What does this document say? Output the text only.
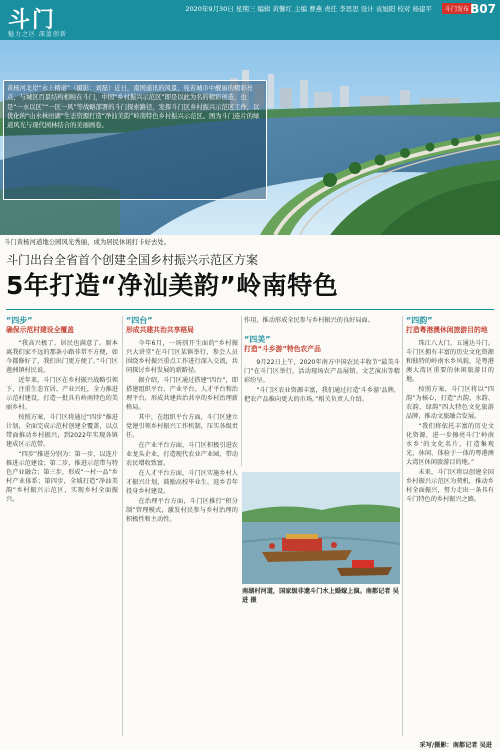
斗门
魅力之区 深蓝创新
2020年9月30日 星期三 编辑 黄馨红 主编 曹燕 责任 李思思 设计 袁旭阳 校对 杨建平	斗门发布 B07
黄杨河北岸“水上精道”（摄影：刘磊）近日，南国通讯的风景，宛若城市中靓丽的精彩亮点，与城区百景结构相映在斗门，中国“乡村振兴示范区”即是以此为名的精彩创造，也是“一水以区”“一区一风”等战略部署的斗门探索路径，发挥斗门区乡村振兴示范区工作，以优化的“山水林田湖”生态资源打造“净汕美韵”岭南特色乡村振兴示范区。图为斗门连片的绿道风光与现代园林结合的美丽画卷。
斗门黄杨河道地公园风光秀丽，成为居民休闲打卡好去处。
斗门出台全省首个创建全国乡村振兴示范区方案
5年打造“净汕美韵”岭南特色
“四步”
确保示范村建设全覆盖

“我高兴极了，居民也满意了。原本离我们家不远的那条小路非常不方便，如今都修好了，我们出门更方便了。”斗门区莲洲镇村民说。

近年来，斗门区在乡村振兴战略引领下，注重生态宜居、产业兴旺，全力推进示范村建设，打造一批具有岭南特色的美丽乡村。

按照方案，斗门区将通过“四步”推进计划，全面完成示范村创建全覆盖，以点带面推动乡村振兴，到2022年实现各镇建成区示范带。

“四步”推进分别为：第一步，以连片推进示范建设；第二步，推进示范带与特色产业融合；第三步，形成“一村一品”乡村产业体系；第四步，全域打造“净汕美韵”乡村振兴示范区，实现乡村全面振兴。

“四台”
形成共建共治共享格局

今年6月，一场别开生面的“乡村振兴大讲堂”在斗门区某镇举行，参会人员围绕乡村振兴重点工作进行深入交流，共同探讨乡村发展的新路径。

据介绍，斗门区通过搭建“四台”，即搭建组织平台、产业平台、人才平台和治理平台，形成共建共治共享的乡村治理新格局。

其中，在组织平台方面，斗门区建立党建引领乡村振兴工作机制，压实各级责任。

在产业平台方面，斗门区积极引进农业龙头企业，打造现代农业产业园，带动农民增收致富。

在人才平台方面，斗门区实施乡村人才振兴计划，鼓励高校毕业生、返乡青年投身乡村建设。

在治理平台方面，斗门区推行“积分制”管理模式，激发村民参与乡村治理的积极性和主动性。

作用，推动形成全民参与乡村振兴的良好局面。

“四美”
打造“斗乡游”特色农产品

9月22日上午，2020年南方中国农民丰收节“最美斗门”在斗门区举行，活动现场农产品展销、文艺演出等精彩纷呈。

“斗门区农业资源丰富，我们通过打造‘斗乡游’品牌，把农产品推向更大的市场。”相关负责人介绍。

南湖村河道，国家级非遗斗门水上婚嫁上演。南都记者 吴进 摄
“四韵”
打造粤港澳休闲旅游目的地

珠江八大门，五通达斗门。斗门区拥有丰富的历史文化资源和独特的岭南水乡风貌，是粤港澳大湾区重要的休闲旅游目的地。

按照方案，斗门区将以“四韵”为核心，打造“古韵、水韵、农韵、绿韵”四大特色文化旅游品牌，推动文旅融合发展。

“我们将依托丰富的历史文化资源，进一步擦亮斗门‘岭南水乡’的文化名片，打造集观光、休闲、体验于一体的粤港澳大湾区休闲旅游目的地。”

未来，斗门区将以创建全国乡村振兴示范区为契机，推动乡村全面振兴，努力走出一条具有斗门特色的乡村振兴之路。

采写/摄影：南都记者 吴进
